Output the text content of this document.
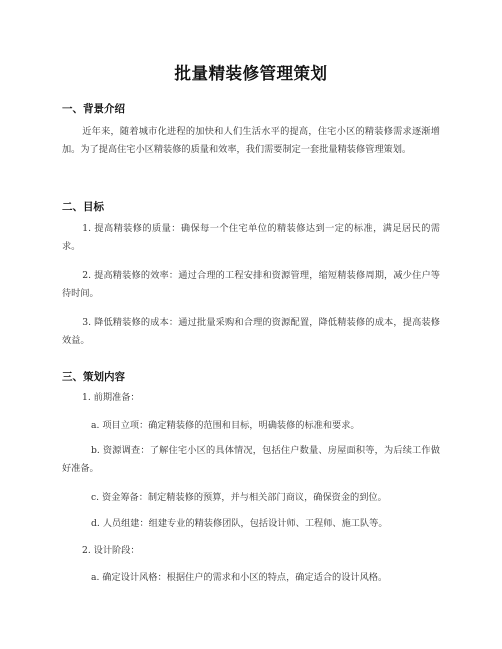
批量精装修管理策划
一、背景介绍
近年来，随着城市化进程的加快和人们生活水平的提高，住宅小区的精装修需求逐渐增加。为了提高住宅小区精装修的质量和效率，我们需要制定一套批量精装修管理策划。
二、目标
1. 提高精装修的质量：确保每一个住宅单位的精装修达到一定的标准，满足居民的需求。
2. 提高精装修的效率：通过合理的工程安排和资源管理，缩短精装修周期，减少住户等待时间。
3. 降低精装修的成本：通过批量采购和合理的资源配置，降低精装修的成本，提高装修效益。
三、策划内容
1. 前期准备：
a. 项目立项：确定精装修的范围和目标，明确装修的标准和要求。
b. 资源调查：了解住宅小区的具体情况，包括住户数量、房屋面积等，为后续工作做好准备。
c. 资金筹备：制定精装修的预算，并与相关部门商议，确保资金的到位。
d. 人员组建：组建专业的精装修团队，包括设计师、工程师、施工队等。
2. 设计阶段：
a. 确定设计风格：根据住户的需求和小区的特点，确定适合的设计风格。
